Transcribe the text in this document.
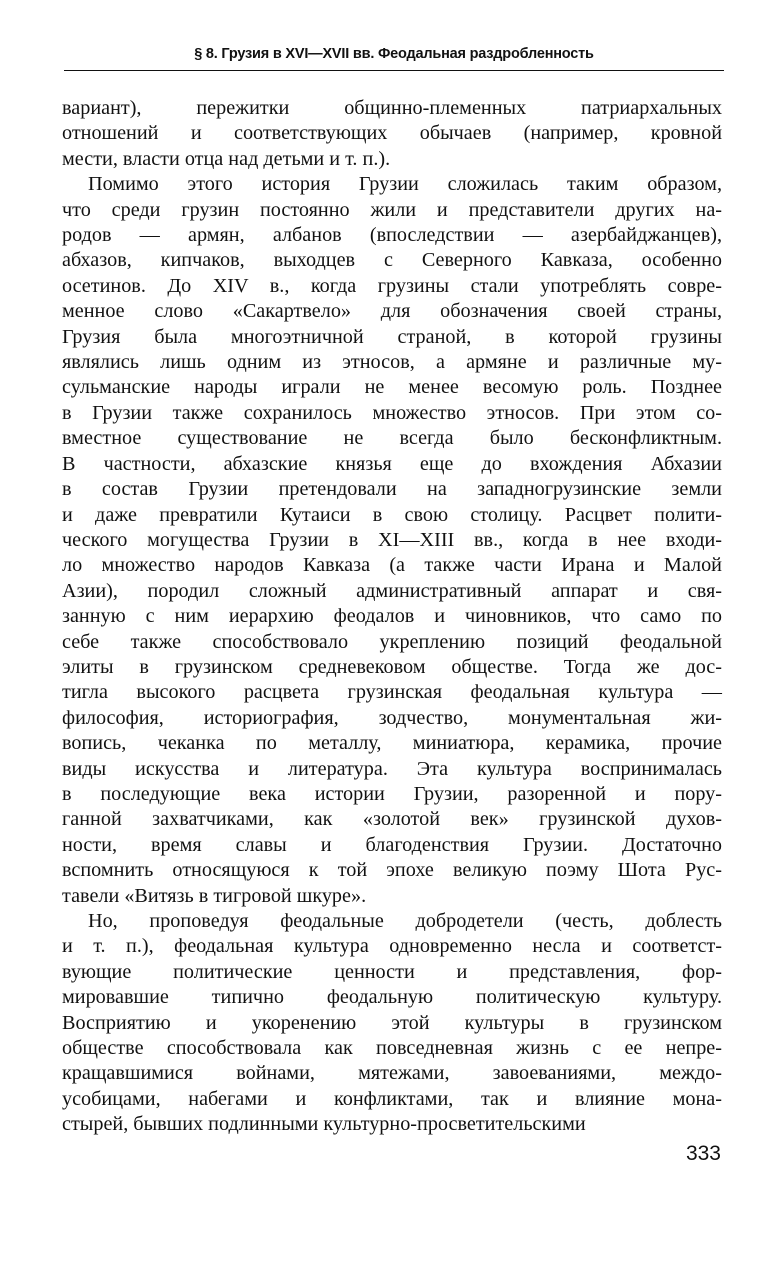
§ 8. Грузия в XVI—XVII вв. Феодальная раздробленность

вариант), пережитки общинно-племенных патриархальных

отношений и соответствующих обычаев (например, кровной

мести, власти отца над детьми и т. п.).

Помимо этого история Грузии сложилась таким образом,

что среди грузин постоянно жили и представители других на-

родов — армян, албанов (впоследствии — азербайджанцев),

абхазов, кипчаков, выходцев с Северного Кавказа, особенно

осетинов. До XIV в., когда грузины стали употреблять совре-

менное слово «Сакартвело» для обозначения своей страны,

Грузия была многоэтничной страной, в которой грузины

являлись лишь одним из этносов, а армяне и различные му-

сульманские народы играли не менее весомую роль. Позднее

в Грузии также сохранилось множество этносов. При этом со-

вместное существование не всегда было бесконфликтным.

В частности, абхазские князья еще до вхождения Абхазии

в состав Грузии претендовали на западногрузинские земли

и даже превратили Кутаиси в свою столицу. Расцвет полити-

ческого могущества Грузии в XI—XIII вв., когда в нее входи-

ло множество народов Кавказа (а также части Ирана и Малой

Азии), породил сложный административный аппарат и свя-

занную с ним иерархию феодалов и чиновников, что само по

себе также способствовало укреплению позиций феодальной

элиты в грузинском средневековом обществе. Тогда же дос-

тигла высокого расцвета грузинская феодальная культура —

философия, историография, зодчество, монументальная жи-

вопись, чеканка по металлу, миниатюра, керамика, прочие

виды искусства и литература. Эта культура воспринималась

в последующие века истории Грузии, разоренной и пору-

ганной захватчиками, как «золотой век» грузинской духов-

ности, время славы и благоденствия Грузии. Достаточно

вспомнить относящуюся к той эпохе великую поэму Шота Рус-

тавели «Витязь в тигровой шкуре».

Но, проповедуя феодальные добродетели (честь, доблесть

и т. п.), феодальная культура одновременно несла и соответст-

вующие политические ценности и представления, фор-

мировавшие типично феодальную политическую культуру.

Восприятию и укоренению этой культуры в грузинском

обществе способствовала как повседневная жизнь с ее непре-

кращавшимися войнами, мятежами, завоеваниями, междо-

усобицами, набегами и конфликтами, так и влияние мона-

стырей, бывших подлинными культурно-просветительскими

333
